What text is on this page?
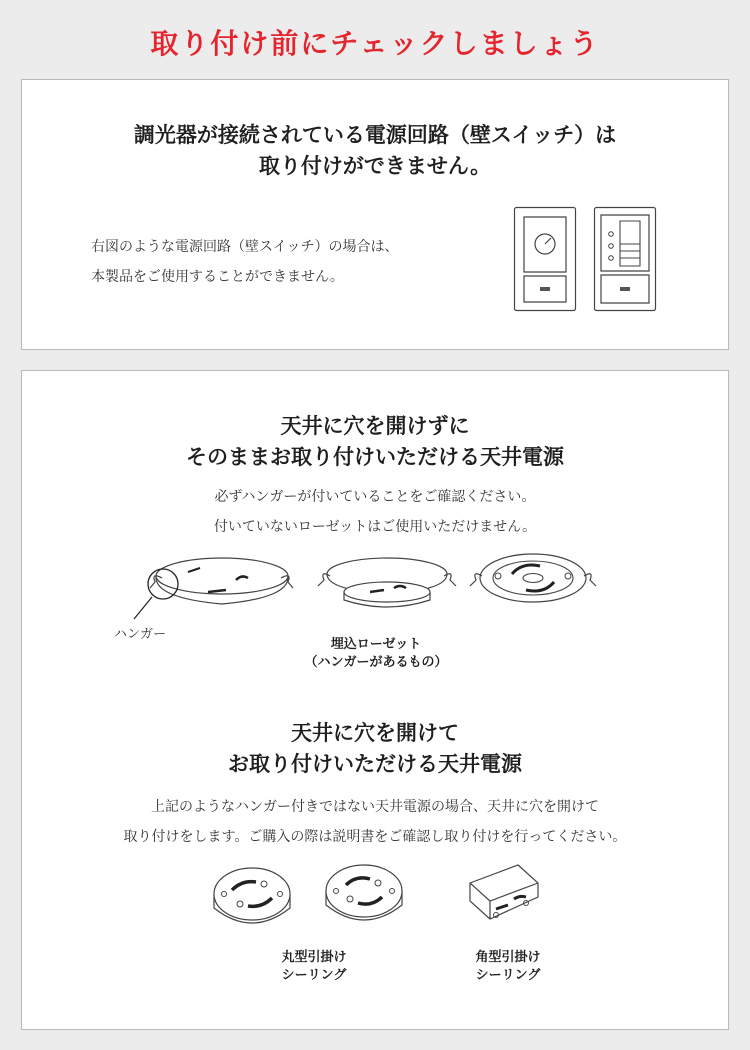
取り付け前にチェックしましょう
調光器が接続されている電源回路（壁スイッチ）は
取り付けができません。

右図のような電源回路（壁スイッチ）の場合は、
本製品をご使用することができません。

天井に穴を開けずに
そのままお取り付けいただける天井電源

必ずハンガーが付いていることをご確認ください。
付いていないローゼットはご使用いただけません。

ハンガー
埋込ローゼット
（ハンガーがあるもの）
天井に穴を開けて
お取り付けいただける天井電源

上記のようなハンガー付きではない天井電源の場合、天井に穴を開けて
取り付けをします。ご購入の際は説明書をご確認し取り付けを行ってください。

丸型引掛け
シーリング
角型引掛け
シーリング
